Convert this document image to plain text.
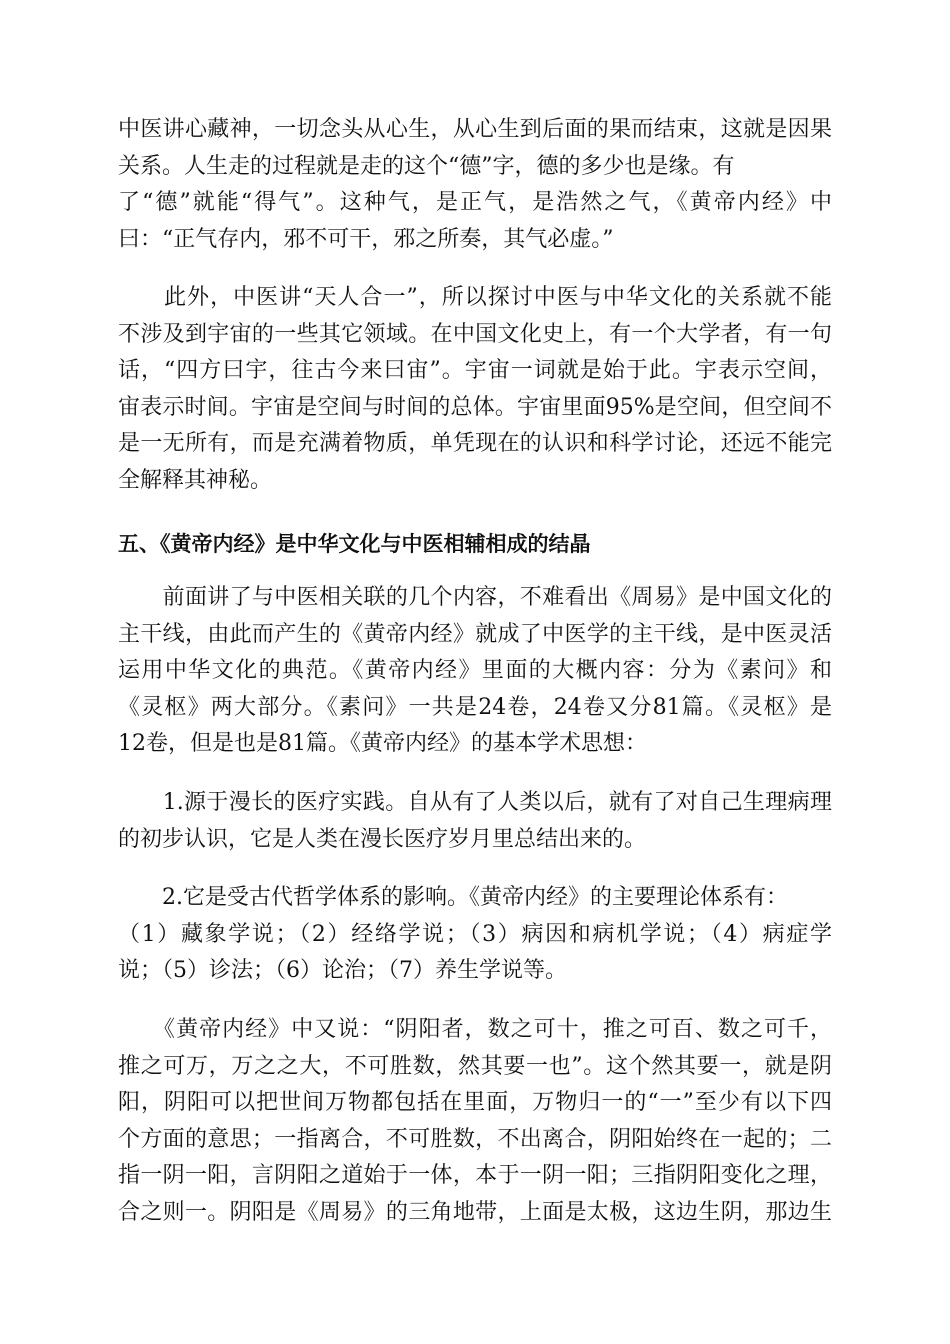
中医讲心藏神，一切念头从心生，从心生到后面的果而结束，这就是因果
关系。人生走的过程就是走的这个“德”字，德的多少也是缘。有
了“德”就能“得气”。这种气，是正气，是浩然之气，《黄帝内经》中
曰：“正气存内，邪不可干，邪之所奏，其气必虚。”
　　此外，中医讲“天人合一”，所以探讨中医与中华文化的关系就不能
不涉及到宇宙的一些其它领域。在中国文化史上，有一个大学者，有一句
话，“四方曰宇，往古今来曰宙”。宇宙一词就是始于此。宇表示空间，
宙表示时间。宇宙是空间与时间的总体。宇宙里面95%是空间，但空间不
是一无所有，而是充满着物质，单凭现在的认识和科学讨论，还远不能完
全解释其神秘。
五、《黄帝内经》是中华文化与中医相辅相成的结晶
　　前面讲了与中医相关联的几个内容，不难看出《周易》是中国文化的
主干线，由此而产生的《黄帝内经》就成了中医学的主干线，是中医灵活
运用中华文化的典范。《黄帝内经》里面的大概内容：分为《素问》和
《灵枢》两大部分。《素问》一共是24卷，24卷又分81篇。《灵枢》是
12卷，但是也是81篇。《黄帝内经》的基本学术思想：
　　1.源于漫长的医疗实践。自从有了人类以后，就有了对自己生理病理
的初步认识，它是人类在漫长医疗岁月里总结出来的。
　　2.它是受古代哲学体系的影响。《黄帝内经》的主要理论体系有：
（1）藏象学说；（2）经络学说；（3）病因和病机学说；（4）病症学
说；（5）诊法；（6）论治；（7）养生学说等。
　　《黄帝内经》中又说：“阴阳者，数之可十，推之可百、数之可千，
推之可万，万之之大，不可胜数，然其要一也”。这个然其要一，就是阴
阳，阴阳可以把世间万物都包括在里面，万物归一的“一”至少有以下四
个方面的意思；一指离合，不可胜数，不出离合，阴阳始终在一起的；二
指一阴一阳，言阴阳之道始于一体，本于一阴一阳；三指阴阳变化之理，
合之则一。阴阳是《周易》的三角地带，上面是太极，这边生阴，那边生
